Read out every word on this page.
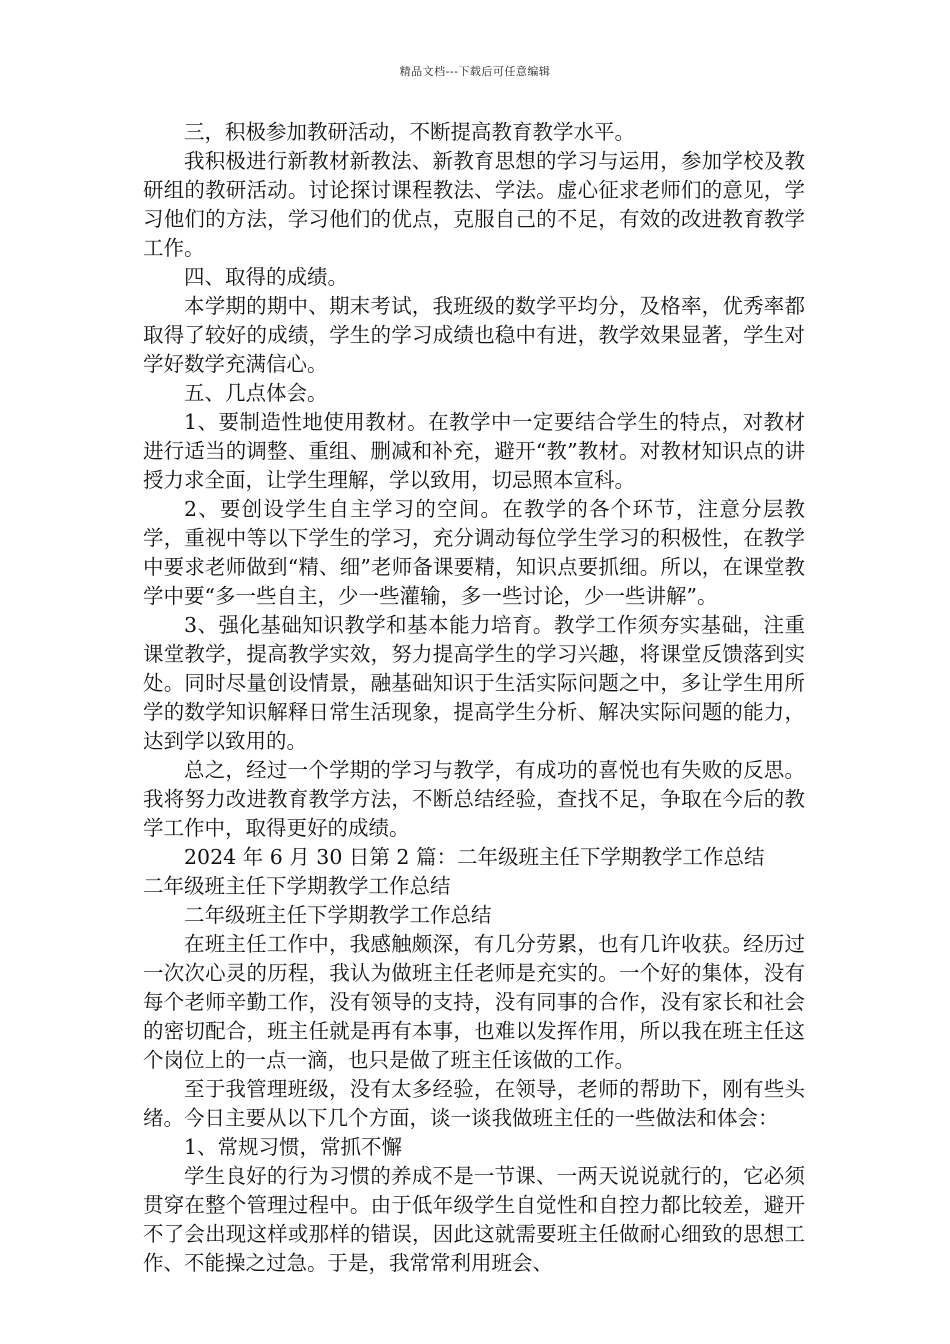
精品文档---下载后可任意编辑

三，积极参加教研活动，不断提高教育教学水平。

我积极进行新教材新教法、新教育思想的学习与运用，参加学校及教研组的教研活动。讨论探讨课程教法、学法。虚心征求老师们的意见，学习他们的方法，学习他们的优点，克服自己的不足，有效的改进教育教学工作。

四、取得的成绩。

本学期的期中、期末考试，我班级的数学平均分，及格率，优秀率都取得了较好的成绩，学生的学习成绩也稳中有进，教学效果显著，学生对学好数学充满信心。

五、几点体会。

1、要制造性地使用教材。在教学中一定要结合学生的特点，对教材进行适当的调整、重组、删减和补充，避开“教”教材。对教材知识点的讲授力求全面，让学生理解，学以致用，切忌照本宣科。

2、要创设学生自主学习的空间。在教学的各个环节，注意分层教学，重视中等以下学生的学习，充分调动每位学生学习的积极性，在教学中要求老师做到“精、细”老师备课要精，知识点要抓细。所以，在课堂教学中要“多一些自主，少一些灌输，多一些讨论，少一些讲解”。

3、强化基础知识教学和基本能力培育。教学工作须夯实基础，注重课堂教学，提高教学实效，努力提高学生的学习兴趣，将课堂反馈落到实处。同时尽量创设情景，融基础知识于生活实际问题之中，多让学生用所学的数学知识解释日常生活现象，提高学生分析、解决实际问题的能力，达到学以致用的。

总之，经过一个学期的学习与教学，有成功的喜悦也有失败的反思。我将努力改进教育教学方法，不断总结经验，查找不足，争取在今后的教学工作中，取得更好的成绩。

2024 年 6 月 30 日第 2 篇：二年级班主任下学期教学工作总结

二年级班主任下学期教学工作总结

二年级班主任下学期教学工作总结

在班主任工作中，我感触颇深，有几分劳累，也有几许收获。经历过一次次心灵的历程，我认为做班主任老师是充实的。一个好的集体，没有每个老师辛勤工作，没有领导的支持，没有同事的合作，没有家长和社会的密切配合，班主任就是再有本事，也难以发挥作用，所以我在班主任这个岗位上的一点一滴，也只是做了班主任该做的工作。

至于我管理班级，没有太多经验，在领导，老师的帮助下，刚有些头绪。今日主要从以下几个方面，谈一谈我做班主任的一些做法和体会：

1、常规习惯，常抓不懈

学生良好的行为习惯的养成不是一节课、一两天说说就行的，它必须贯穿在整个管理过程中。由于低年级学生自觉性和自控力都比较差，避开不了会出现这样或那样的错误，因此这就需要班主任做耐心细致的思想工作、不能操之过急。于是，我常常利用班会、
